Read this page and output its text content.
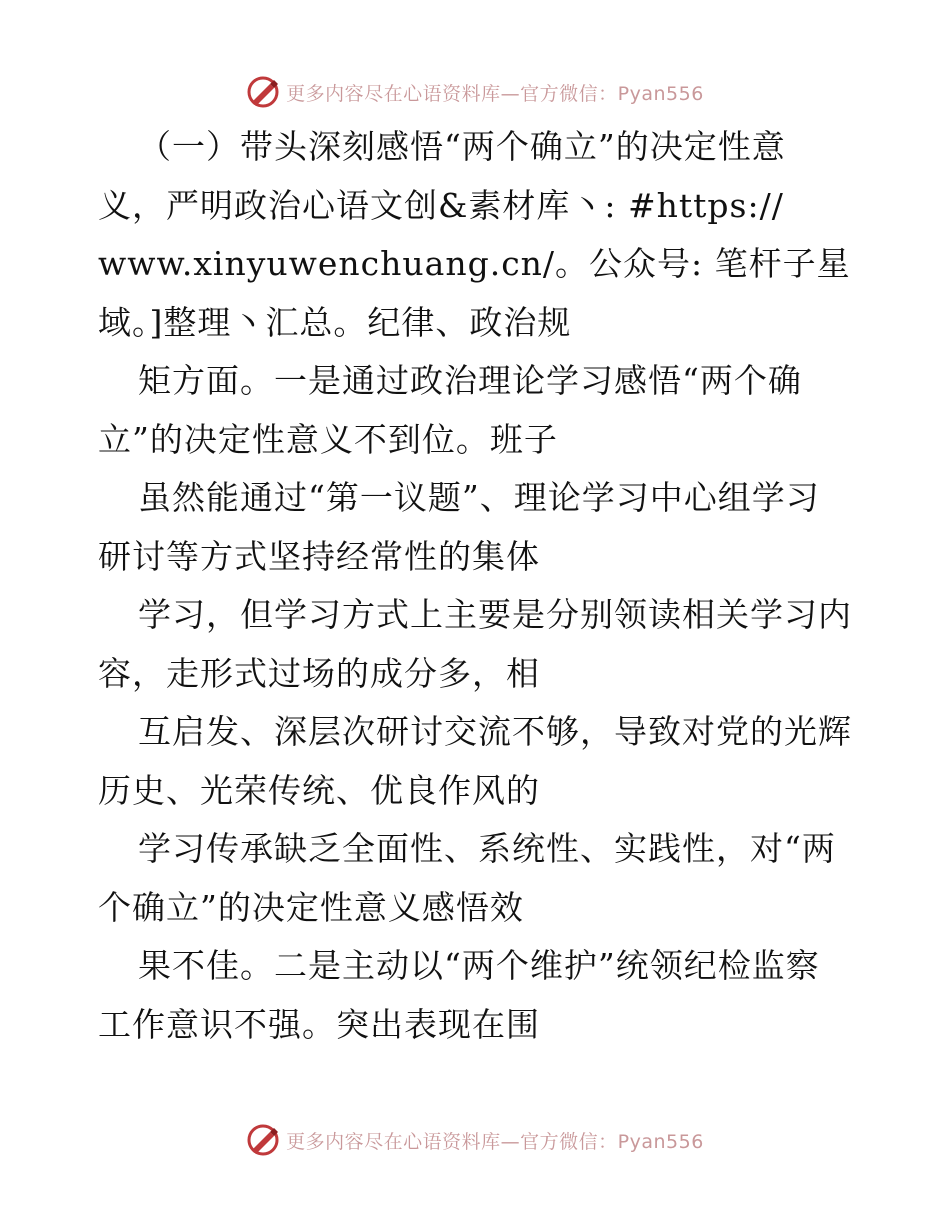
更多内容尽在心语资料库—官方微信：Pyan556
（一）带头深刻感悟“两个确立”的决定性意
义，严明政治心语文创&素材库丶: #https://
www.xinyuwenchuang.cn/。公众号: 笔杆子星
域。]整理丶汇总。纪律、政治规
矩方面。一是通过政治理论学习感悟“两个确
立”的决定性意义不到位。班子
虽然能通过“第一议题”、理论学习中心组学习
研讨等方式坚持经常性的集体
学习，但学习方式上主要是分别领读相关学习内
容，走形式过场的成分多，相
互启发、深层次研讨交流不够，导致对党的光辉
历史、光荣传统、优良作风的
学习传承缺乏全面性、系统性、实践性，对“两
个确立”的决定性意义感悟效
果不佳。二是主动以“两个维护”统领纪检监察
工作意识不强。突出表现在围
更多内容尽在心语资料库—官方微信：Pyan556
